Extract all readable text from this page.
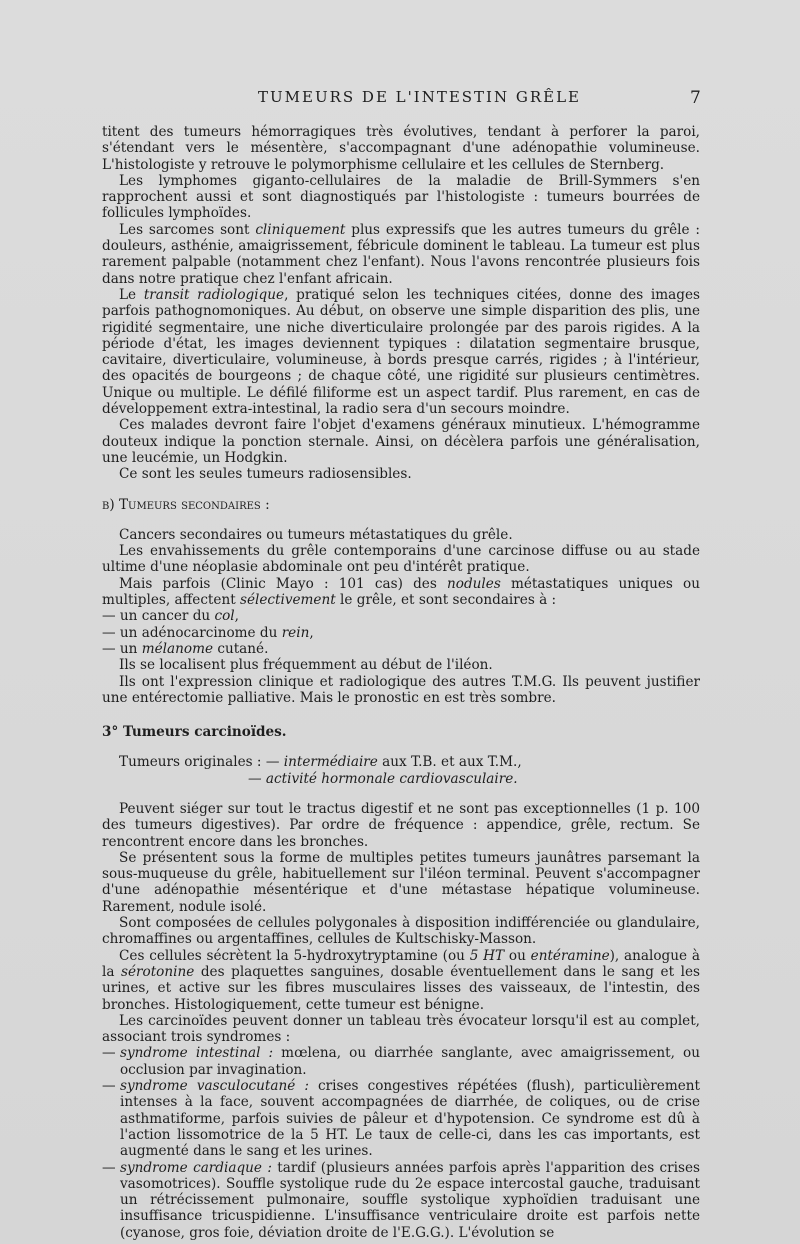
TUMEURS DE L'INTESTIN GRÊLE	7

titent des tumeurs hémorragiques très évolutives, tendant à perforer la paroi, s'étendant vers le mésentère, s'accompagnant d'une adénopathie volumineuse. L'histologiste y retrouve le polymorphisme cellulaire et les cellules de Sternberg.

Les lymphomes giganto-cellulaires de la maladie de Brill-Symmers s'en rapprochent aussi et sont diagnostiqués par l'histologiste : tumeurs bourrées de follicules lymphoïdes.

Les sarcomes sont cliniquement plus expressifs que les autres tumeurs du grêle : douleurs, asthénie, amaigrissement, fébricule dominent le tableau. La tumeur est plus rarement palpable (notamment chez l'enfant). Nous l'avons rencontrée plusieurs fois dans notre pratique chez l'enfant africain.

Le transit radiologique, pratiqué selon les techniques citées, donne des images parfois pathognomoniques. Au début, on observe une simple disparition des plis, une rigidité segmentaire, une niche diverticulaire prolongée par des parois rigides. A la période d'état, les images deviennent typiques : dilatation segmentaire brusque, cavitaire, diverticulaire, volumineuse, à bords presque carrés, rigides ; à l'intérieur, des opacités de bourgeons ; de chaque côté, une rigidité sur plusieurs centimètres. Unique ou multiple. Le défilé filiforme est un aspect tardif. Plus rarement, en cas de développement extra-intestinal, la radio sera d'un secours moindre.

Ces malades devront faire l'objet d'examens généraux minutieux. L'hémogramme douteux indique la ponction sternale. Ainsi, on décèlera parfois une généralisation, une leucémie, un Hodgkin.

Ce sont les seules tumeurs radiosensibles.

b) Tumeurs secondaires :

Cancers secondaires ou tumeurs métastatiques du grêle.

Les envahissements du grêle contemporains d'une carcinose diffuse ou au stade ultime d'une néoplasie abdominale ont peu d'intérêt pratique.

Mais parfois (Clinic Mayo : 101 cas) des nodules métastatiques uniques ou multiples, affectent sélectivement le grêle, et sont secondaires à :

— un cancer du col,

— un adénocarcinome du rein,

— un mélanome cutané.

Ils se localisent plus fréquemment au début de l'iléon.

Ils ont l'expression clinique et radiologique des autres T.M.G. Ils peuvent justifier une entérectomie palliative. Mais le pronostic en est très sombre.

3° Tumeurs carcinoïdes.

Tumeurs originales : — intermédiaire aux T.B. et aux T.M.,
— activité hormonale cardiovasculaire.

Peuvent siéger sur tout le tractus digestif et ne sont pas exceptionnelles (1 p. 100 des tumeurs digestives). Par ordre de fréquence : appendice, grêle, rectum. Se rencontrent encore dans les bronches.

Se présentent sous la forme de multiples petites tumeurs jaunâtres parsemant la sous-muqueuse du grêle, habituellement sur l'iléon terminal. Peuvent s'accompagner d'une adénopathie mésentérique et d'une métastase hépatique volumineuse. Rarement, nodule isolé.

Sont composées de cellules polygonales à disposition indifférenciée ou glandulaire, chromaffines ou argentaffines, cellules de Kultschisky-Masson.

Ces cellules sécrètent la 5-hydroxytryptamine (ou 5 HT ou entéramine), analogue à la sérotonine des plaquettes sanguines, dosable éventuellement dans le sang et les urines, et active sur les fibres musculaires lisses des vaisseaux, de l'intestin, des bronches. Histologiquement, cette tumeur est bénigne.

Les carcinoïdes peuvent donner un tableau très évocateur lorsqu'il est au complet, associant trois syndromes :

— syndrome intestinal : mœlena, ou diarrhée sanglante, avec amaigrissement, ou occlusion par invagination.

— syndrome vasculocutané : crises congestives répétées (flush), particulièrement intenses à la face, souvent accompagnées de diarrhée, de coliques, ou de crise asthmatiforme, parfois suivies de pâleur et d'hypotension. Ce syndrome est dû à l'action lissomotrice de la 5 HT. Le taux de celle-ci, dans les cas importants, est augmenté dans le sang et les urines.

— syndrome cardiaque : tardif (plusieurs années parfois après l'apparition des crises vasomotrices). Souffle systolique rude du 2e espace intercostal gauche, traduisant un rétrécissement pulmonaire, souffle systolique xyphoïdien traduisant une insuffisance tricuspidienne. L'insuffisance ventriculaire droite est parfois nette (cyanose, gros foie, déviation droite de l'E.G.G.). L'évolution se
